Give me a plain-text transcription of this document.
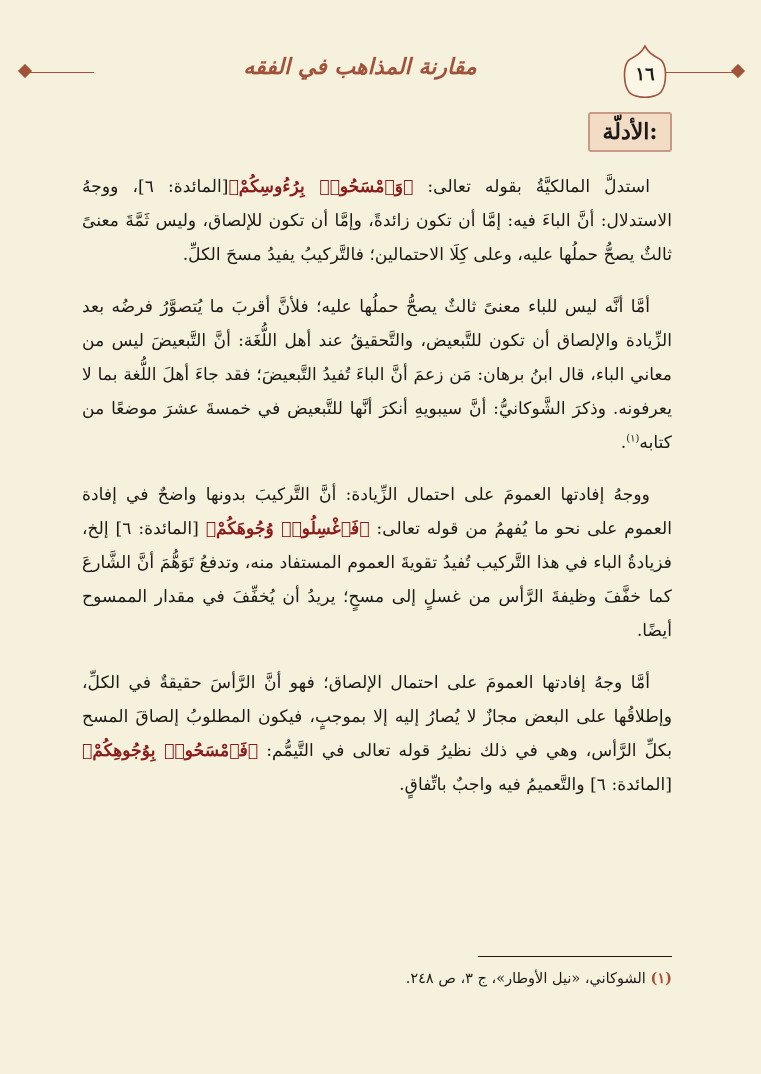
مقارنة المذاهب في الفقه	١٦
الأدلّة:

استدلَّ المالكيَّةُ بقوله تعالى: ﴿وَٱمْسَحُوا۟ بِرُءُوسِكُمْ﴾[المائدة: ٦]، ووجهُ الاستدلال: أنَّ الباءَ فيه: إمَّا أن تكون زائدةً، وإمَّا أن تكون للإلصاق، وليس ثَمَّةَ معنىً ثالثٌ يصحُّ حملُها عليه، وعلى كِلَا الاحتمالين؛ فالتَّركيبُ يفيدُ مسحَ الكلِّ.

أمَّا أنَّه ليس للباء معنىً ثالثٌ يصحُّ حملُها عليه؛ فلأنَّ أقربَ ما يُتصوَّرُ فرضُه بعد الزِّيادة والإلصاق أن تكون للتَّبعيض، والتَّحقيقُ عند أهل اللُّغَة: أنَّ التَّبعيضَ ليس من معاني الباء، قال ابنُ برهان: مَن زعمَ أنَّ الباءَ تُفيدُ التَّبعيضَ؛ فقد جاءَ أهلَ اللُّغة بما لا يعرفونه. وذكرَ الشَّوكانيُّ: أنَّ سيبويهِ أنكرَ أنَّها للتَّبعيض في خمسةَ عشرَ موضعًا من كتابه$^{(١)}$.

ووجهُ إفادتها العمومَ على احتمال الزِّيادة: أنَّ التَّركيبَ بدونها واضحٌ في إفادة العموم على نحو ما يُفهمُ من قوله تعالى: ﴿فَٱغْسِلُوا۟ وُجُوهَكُمْ﴾ [المائدة: ٦] إلخ، فزيادةُ الباء في هذا التَّركيب تُفيدُ تقويةَ العموم المستفاد منه، وتدفعُ تَوَهُّمَ أنَّ الشَّارعَ كما خفَّفَ وظيفةَ الرَّأس من غسلٍ إلى مسحٍ؛ يريدُ أن يُخفِّفَ في مقدار الممسوح أيضًا.

أمَّا وجهُ إفادتها العمومَ على احتمال الإلصاق؛ فهو أنَّ الرَّأسَ حقيقةٌ في الكلِّ، وإطلاقُها على البعض مجازٌ لا يُصارُ إليه إلا بموجبٍ، فيكون المطلوبُ إلصاقَ المسح بكلِّ الرَّأس، وهي في ذلك نظيرُ قوله تعالى في التَّيمُّم: ﴿فَٱمْسَحُوا۟ بِوُجُوهِكُمْ﴾ [المائدة: ٦] والتَّعميمُ فيه واجبٌ باتِّفاقٍ.

(١) الشوكاني، «نيل الأوطار»، ج ٣، ص ٢٤٨.
